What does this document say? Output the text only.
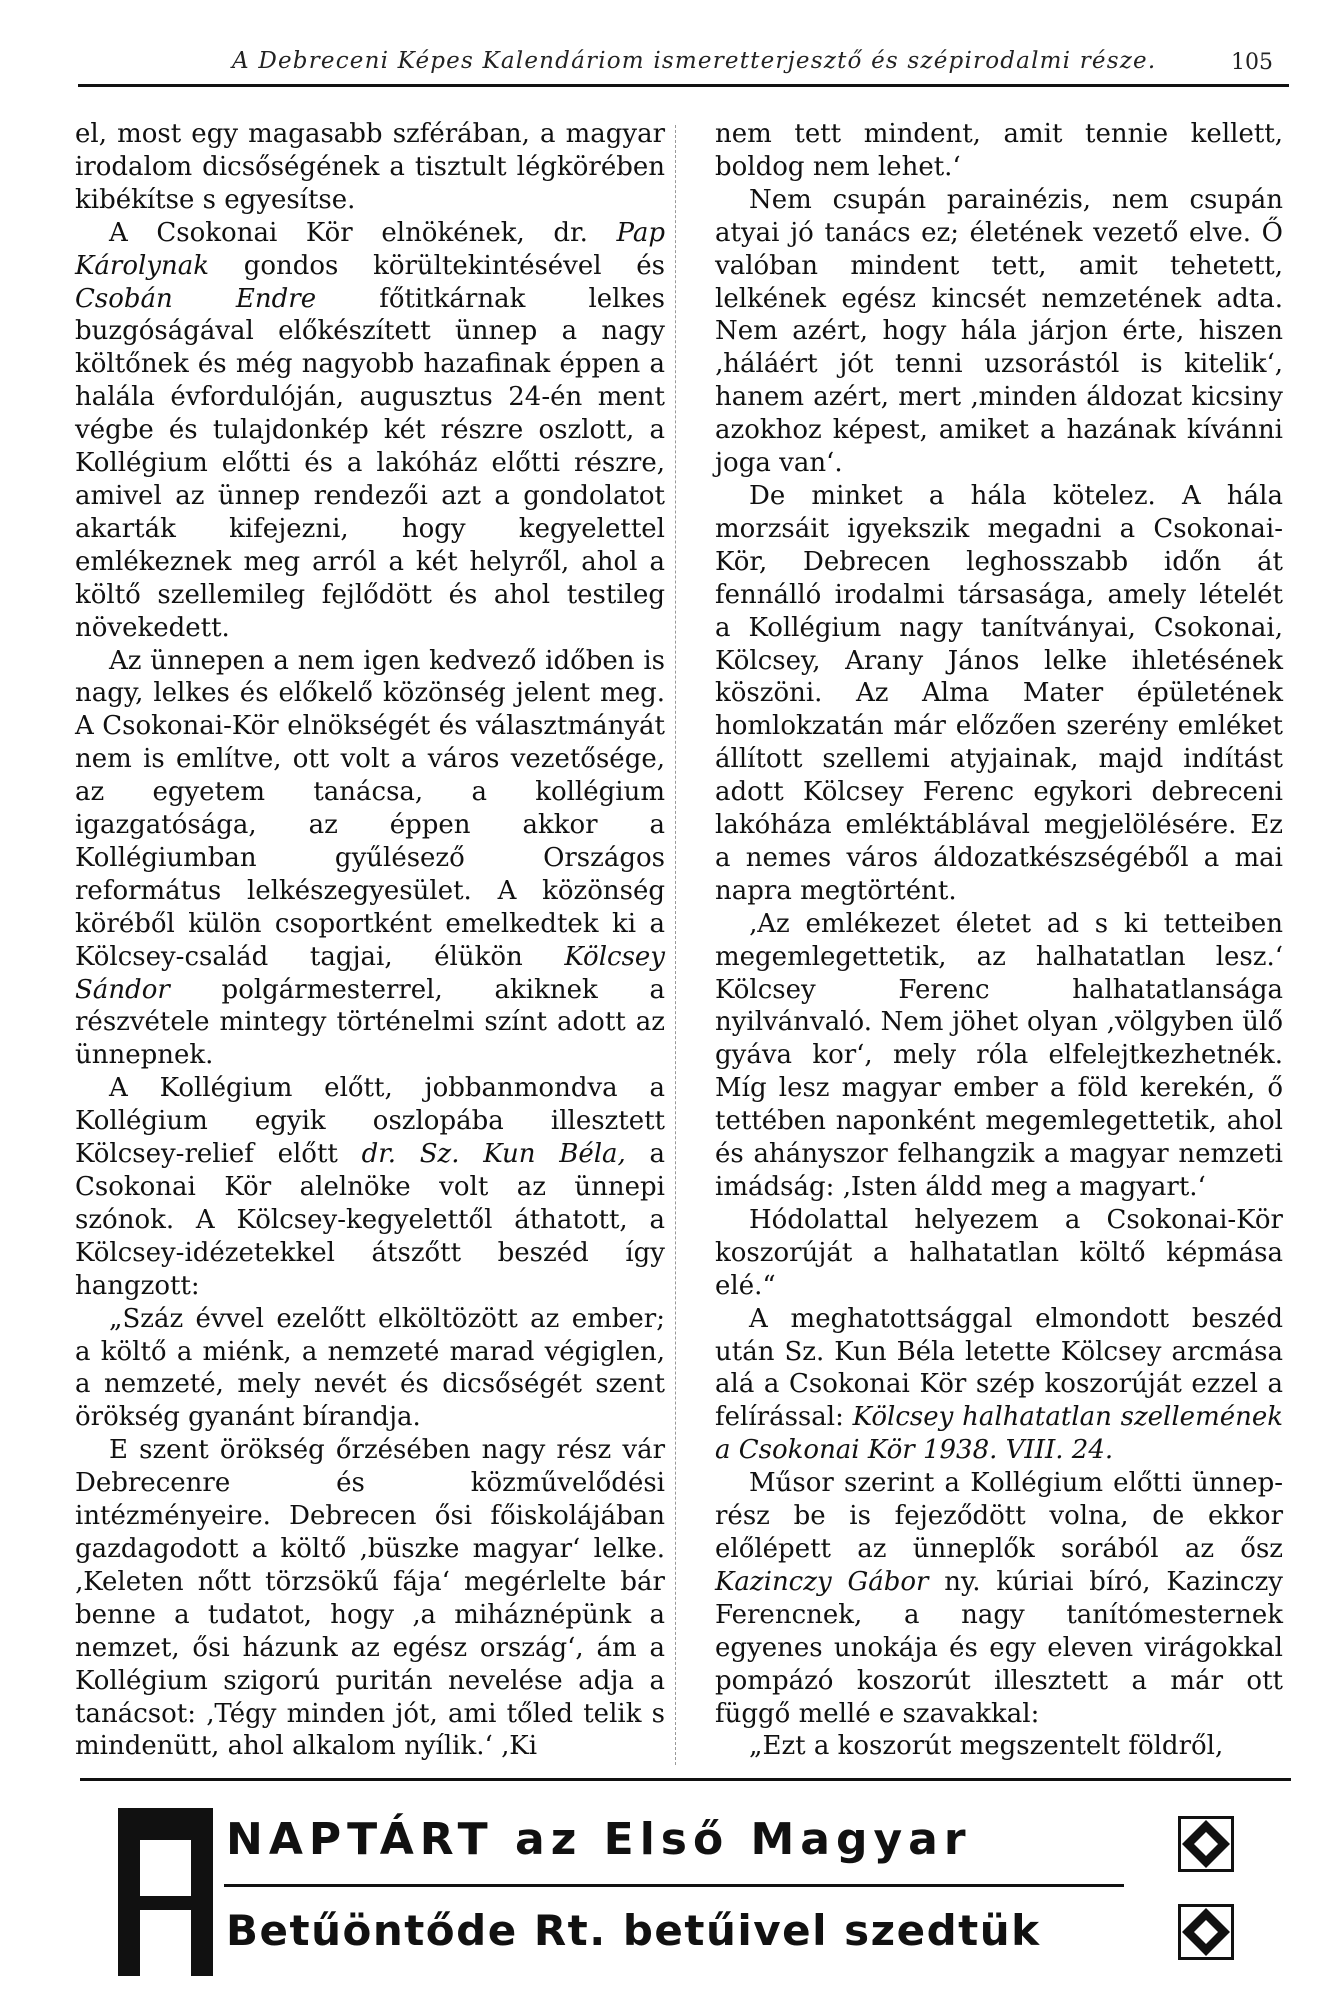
A Debreceni Képes Kalendáriom ismeretterjesztő és szépirodalmi része.	105

el, most egy magasabb szférában, a magyar irodalom dicsőségének a tisztult légkörében kibékítse s egyesítse.

A Csokonai Kör elnökének, dr. Pap Károlynak gondos körültekintésével és Csobán Endre főtitkárnak lelkes buzgóságával előkészített ünnep a nagy költőnek és még nagyobb hazafinak éppen a halála évfordulóján, augusztus 24-én ment végbe és tulajdonkép két részre oszlott, a Kollégium előtti és a lakóház előtti részre, amivel az ünnep rendezői azt a gondolatot akarták kifejezni, hogy kegyelettel emlékeznek meg arról a két helyről, ahol a költő szellemileg fejlődött és ahol testileg növekedett.

Az ünnepen a nem igen kedvező időben is nagy, lelkes és előkelő közönség jelent meg. A Csokonai-Kör elnökségét és választmányát nem is említve, ott volt a város vezetősége, az egyetem tanácsa, a kollégium igazgatósága, az éppen akkor a Kollégiumban gyűlésező Országos református lelkészegyesület. A közönség köréből külön csoportként emelkedtek ki a Kölcsey-család tagjai, élükön Kölcsey Sándor polgármesterrel, akiknek a részvétele mintegy történelmi színt adott az ünnepnek.

A Kollégium előtt, jobbanmondva a Kollégium egyik oszlopába illesztett Kölcsey-relief előtt dr. Sz. Kun Béla, a Csokonai Kör alelnöke volt az ünnepi szónok. A Kölcsey-kegyelettől áthatott, a Kölcsey-idézetekkel átszőtt beszéd így hangzott:

„Száz évvel ezelőtt elköltözött az ember; a költő a miénk, a nemzeté marad végiglen, a nemzeté, mely nevét és dicsőségét szent örökség gyanánt bírandja.

E szent örökség őrzésében nagy rész vár Debrecenre és közművelődési intézményeire. Debrecen ősi főiskolájában gazdagodott a költő ‚büszke magyar‘ lelke. ‚Keleten nőtt törzsökű fája‘ megérlelte bár benne a tudatot, hogy ‚a miháznépünk a nemzet, ősi házunk az egész ország‘, ám a Kollégium szigorú puritán nevelése adja a tanácsot: ‚Tégy minden jót, ami tőled telik s mindenütt, ahol alkalom nyílik.‘ ‚Ki

nem tett mindent, amit tennie kellett, boldog nem lehet.‘

Nem csupán parainézis, nem csupán atyai jó tanács ez; életének vezető elve. Ő valóban mindent tett, amit tehetett, lelkének egész kincsét nemzetének adta. Nem azért, hogy hála járjon érte, hiszen ‚háláért jót tenni uzsorástól is kitelik‘, hanem azért, mert ‚minden áldozat kicsiny azokhoz képest, amiket a hazának kívánni joga van‘.

De minket a hála kötelez. A hála morzsáit igyekszik megadni a Csokonai-Kör, Debrecen leghosszabb időn át fennálló irodalmi társasága, amely lételét a Kollégium nagy tanítványai, Csokonai, Kölcsey, Arany János lelke ihletésének köszöni. Az Alma Mater épületének homlokzatán már előzően szerény emléket állított szellemi atyjainak, majd indítást adott Kölcsey Ferenc egykori debreceni lakóháza emléktáblával megjelölésére. Ez a nemes város áldozatkészségéből a mai napra megtörtént.

‚Az emlékezet életet ad s ki tetteiben megemlegettetik, az halhatatlan lesz.‘ Kölcsey Ferenc halhatatlansága nyilvánvaló. Nem jöhet olyan ‚völgyben ülő gyáva kor‘, mely róla elfelejtkezhetnék. Míg lesz magyar ember a föld kerekén, ő tettében naponként megemlegettetik, ahol és ahányszor felhangzik a magyar nemzeti imádság: ‚Isten áldd meg a magyart.‘

Hódolattal helyezem a Csokonai-Kör koszorúját a halhatatlan költő képmása elé.“

A meghatottsággal elmondott beszéd után Sz. Kun Béla letette Kölcsey arcmása alá a Csokonai Kör szép koszorúját ezzel a felírással: Kölcsey halhatatlan szellemének a Csokonai Kör 1938. VIII. 24.

Műsor szerint a Kollégium előtti ünnep-rész be is fejeződött volna, de ekkor előlépett az ünneplők sorából az ősz Kazinczy Gábor ny. kúriai bíró, Kazinczy Ferencnek, a nagy tanítómesternek egyenes unokája és egy eleven virágokkal pompázó koszorút illesztett a már ott függő mellé e szavakkal:

„Ezt a koszorút megszentelt földről,

NAPTÁRT az Első Magyar
Betűöntőde Rt. betűivel szedtük
